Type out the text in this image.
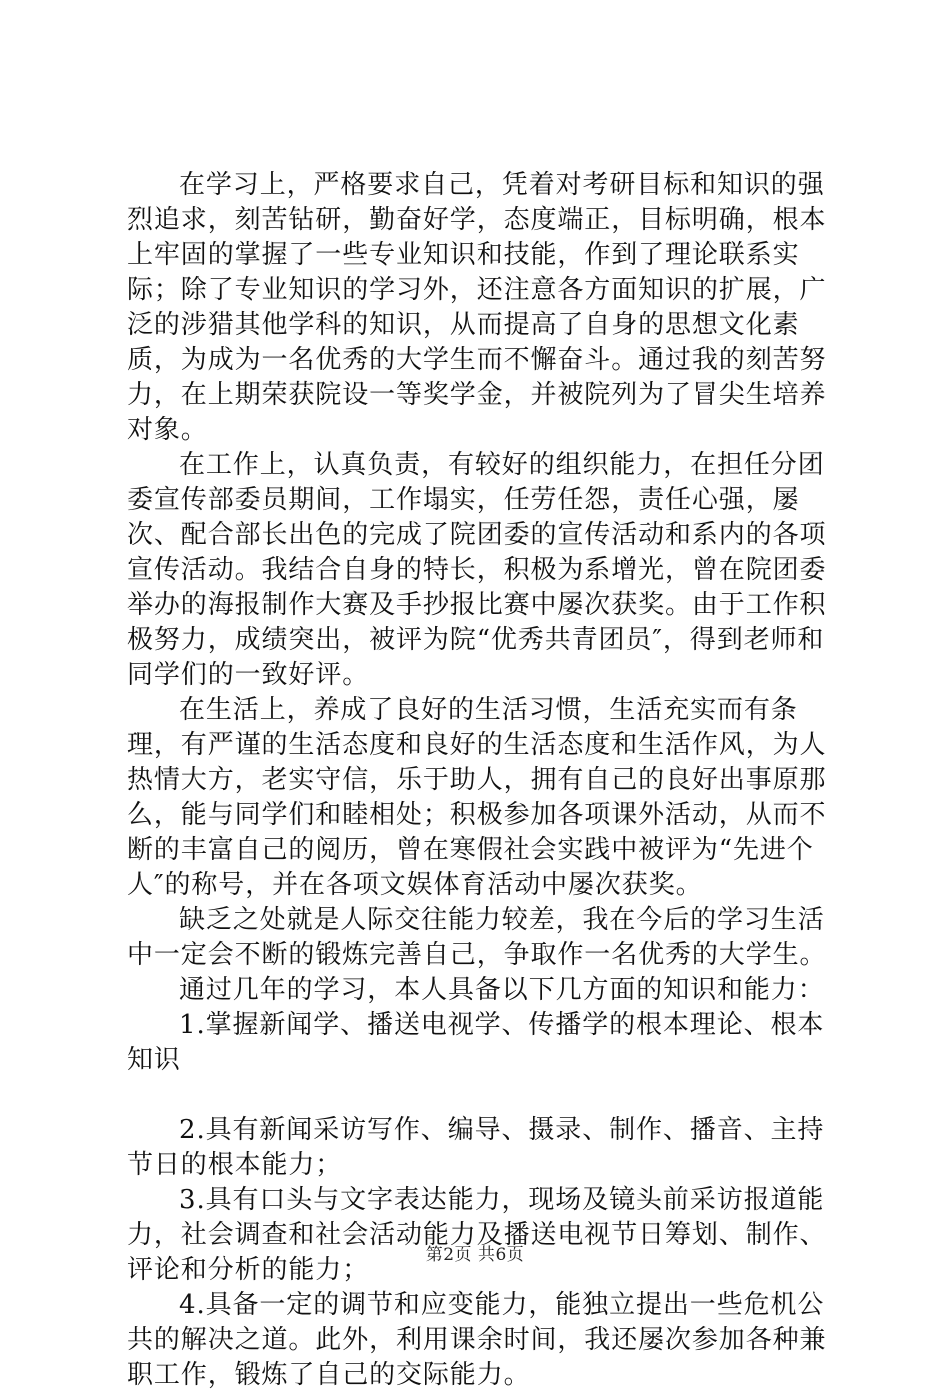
在学习上，严格要求自己，凭着对考研目标和知识的强烈追求，刻苦钻研，勤奋好学，态度端正，目标明确，根本上牢固的掌握了一些专业知识和技能，作到了理论联系实际；除了专业知识的学习外，还注意各方面知识的扩展，广泛的涉猎其他学科的知识，从而提高了自身的思想文化素质，为成为一名优秀的大学生而不懈奋斗。通过我的刻苦努力，在上期荣获院设一等奖学金，并被院列为了冒尖生培养对象。

在工作上，认真负责，有较好的组织能力，在担任分团委宣传部委员期间，工作塌实，任劳任怨，责任心强，屡次、配合部长出色的完成了院团委的宣传活动和系内的各项宣传活动。我结合自身的特长，积极为系增光，曾在院团委举办的海报制作大赛及手抄报比赛中屡次获奖。由于工作积极努力，成绩突出，被评为院“优秀共青团员″，得到老师和同学们的一致好评。

在生活上，养成了良好的生活习惯，生活充实而有条理，有严谨的生活态度和良好的生活态度和生活作风，为人热情大方，老实守信，乐于助人，拥有自己的良好出事原那么，能与同学们和睦相处；积极参加各项课外活动，从而不断的丰富自己的阅历，曾在寒假社会实践中被评为“先进个人″的称号，并在各项文娱体育活动中屡次获奖。

缺乏之处就是人际交往能力较差，我在今后的学习生活中一定会不断的锻炼完善自己，争取作一名优秀的大学生。

通过几年的学习，本人具备以下几方面的知识和能力：

1.掌握新闻学、播送电视学、传播学的根本理论、根本知识

2.具有新闻采访写作、编导、摄录、制作、播音、主持节日的根本能力；

3.具有口头与文字表达能力，现场及镜头前采访报道能力，社会调查和社会活动能力及播送电视节日筹划、制作、评论和分析的能力；

4.具备一定的调节和应变能力，能独立提出一些危机公共的解决之道。此外，利用课余时间，我还屡次参加各种兼职工作，锻炼了自己的交际能力。

第2页 共6页
